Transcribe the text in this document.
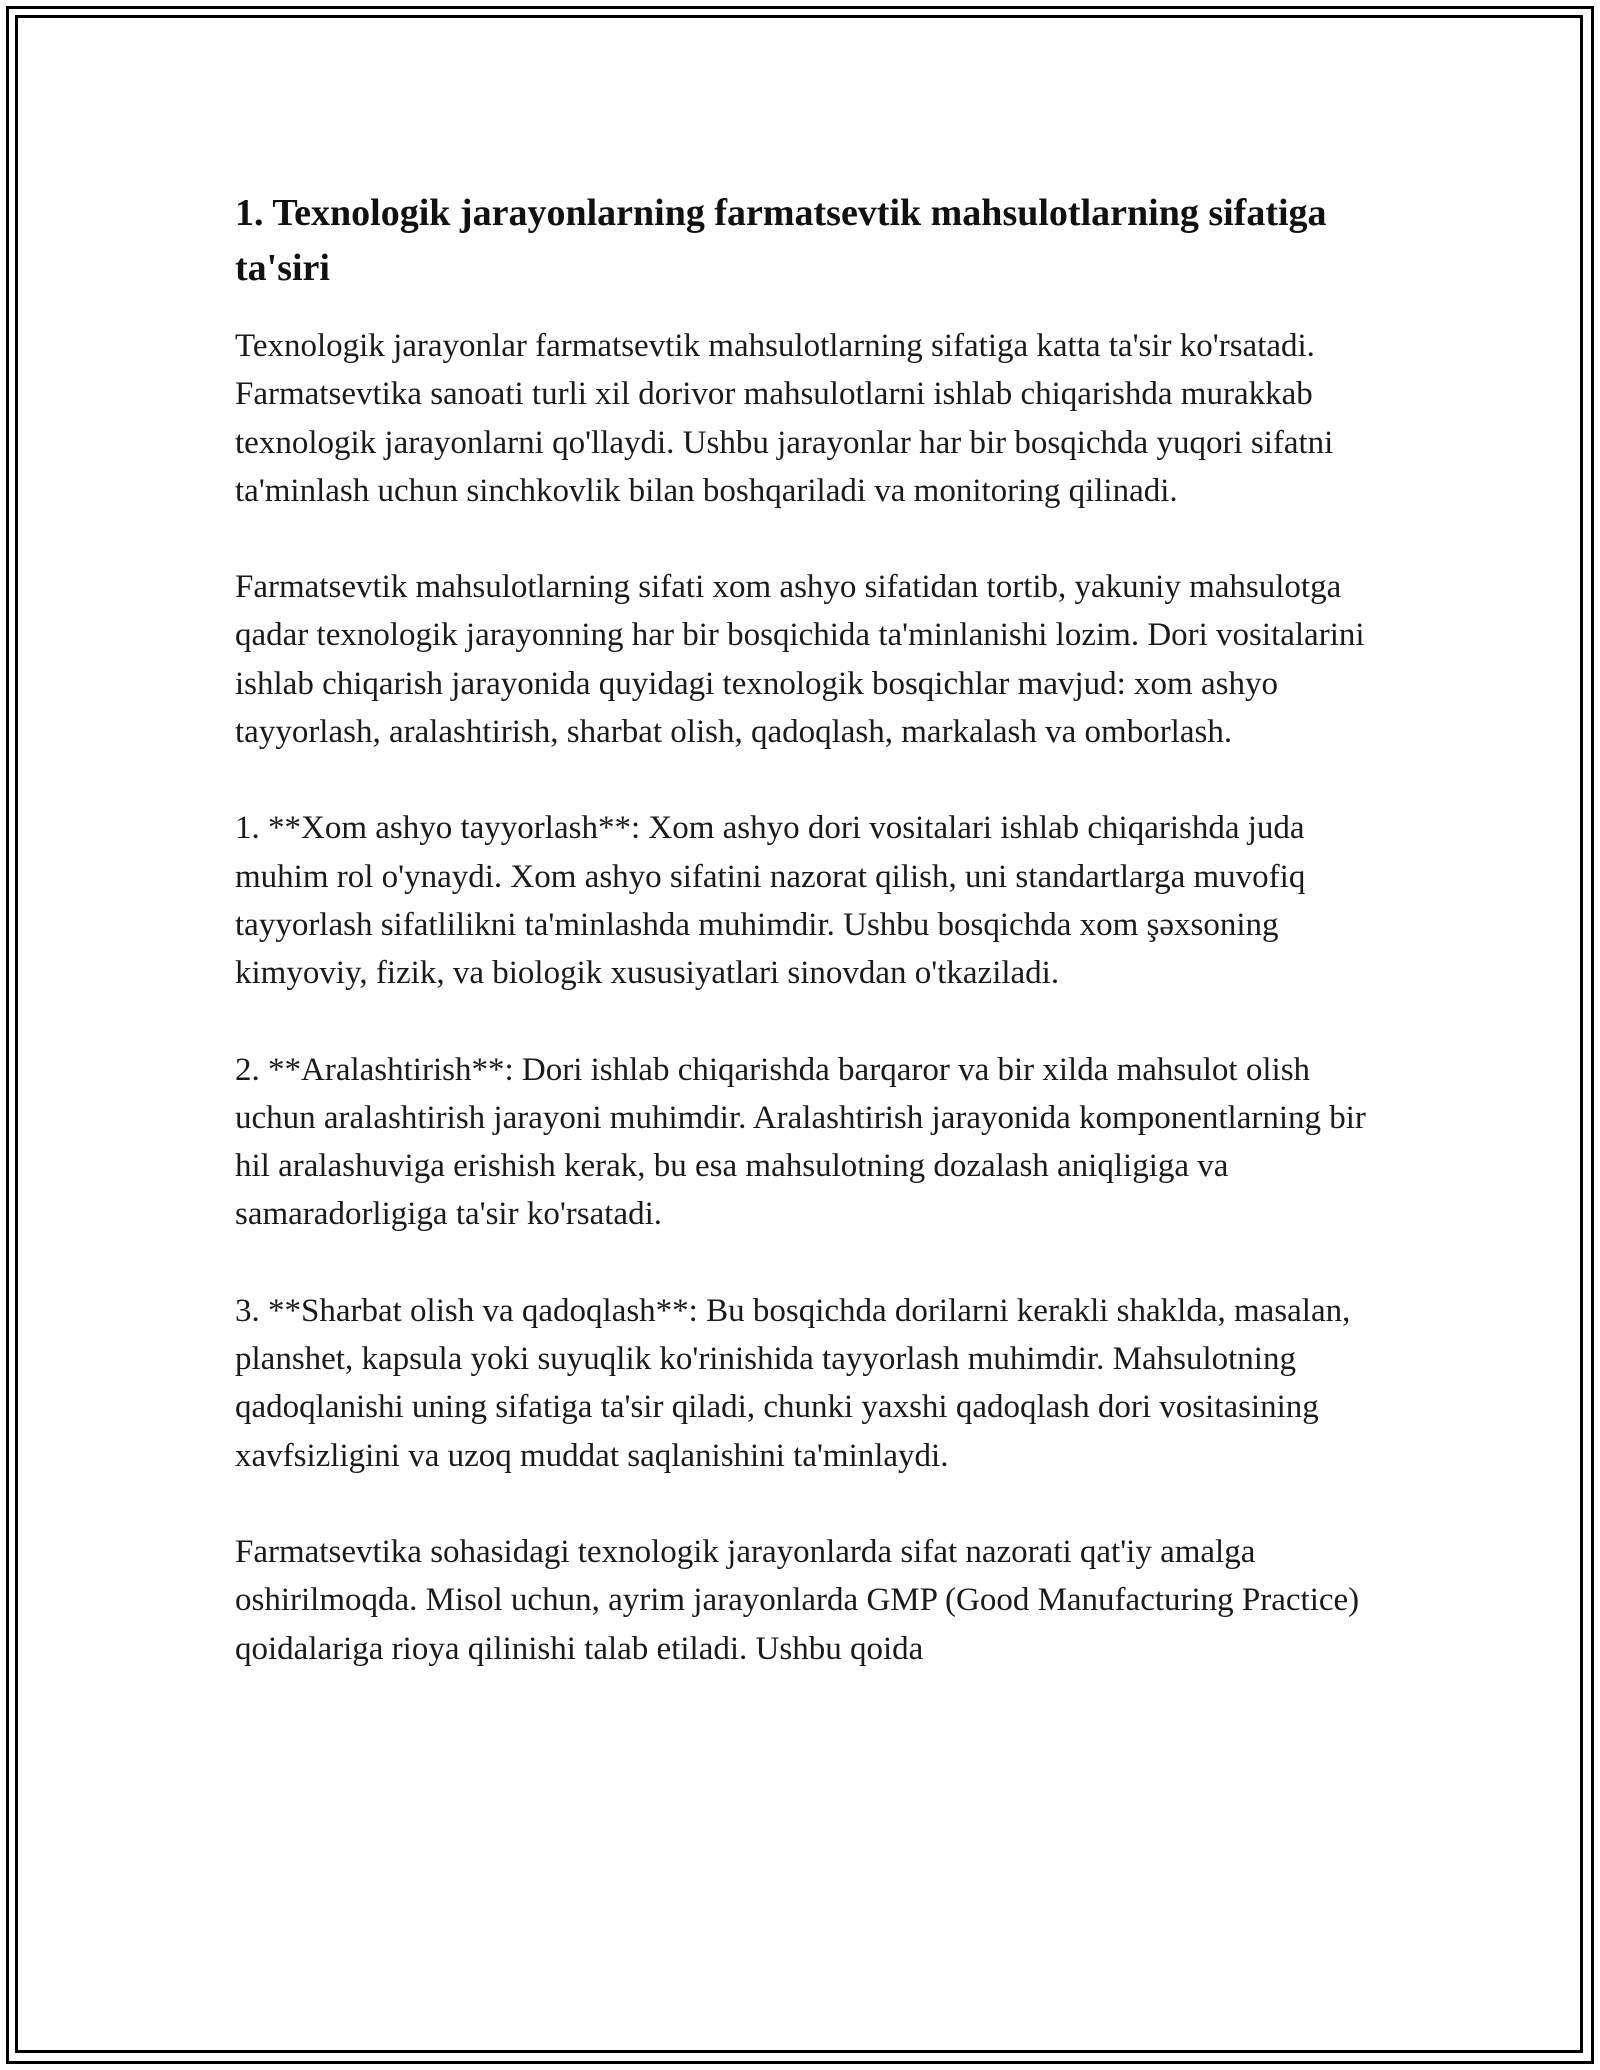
1. Texnologik jarayonlarning farmatsevtik mahsulotlarning sifatiga ta'siri

Texnologik jarayonlar farmatsevtik mahsulotlarning sifatiga katta ta'sir ko'rsatadi. Farmatsevtika sanoati turli xil dorivor mahsulotlarni ishlab chiqarishda murakkab texnologik jarayonlarni qo'llaydi. Ushbu jarayonlar har bir bosqichda yuqori sifatni ta'minlash uchun sinchkovlik bilan boshqariladi va monitoring qilinadi.

Farmatsevtik mahsulotlarning sifati xom ashyo sifatidan tortib, yakuniy mahsulotga qadar texnologik jarayonning har bir bosqichida ta'minlanishi lozim. Dori vositalarini ishlab chiqarish jarayonida quyidagi texnologik bosqichlar mavjud: xom ashyo tayyorlash, aralashtirish, sharbat olish, qadoqlash, markalash va omborlash.

1. **Xom ashyo tayyorlash**: Xom ashyo dori vositalari ishlab chiqarishda juda muhim rol o'ynaydi. Xom ashyo sifatini nazorat qilish, uni standartlarga muvofiq tayyorlash sifatlilikni ta'minlashda muhimdir. Ushbu bosqichda xom şəxsoning kimyoviy, fizik, va biologik xususiyatlari sinovdan o'tkaziladi.

2. **Aralashtirish**: Dori ishlab chiqarishda barqaror va bir xilda mahsulot olish uchun aralashtirish jarayoni muhimdir. Aralashtirish jarayonida komponentlarning bir hil aralashuviga erishish kerak, bu esa mahsulotning dozalash aniqligiga va samaradorligiga ta'sir ko'rsatadi.

3. **Sharbat olish va qadoqlash**: Bu bosqichda dorilarni kerakli shaklda, masalan, planshet, kapsula yoki suyuqlik ko'rinishida tayyorlash muhimdir. Mahsulotning qadoqlanishi uning sifatiga ta'sir qiladi, chunki yaxshi qadoqlash dori vositasining xavfsizligini va uzoq muddat saqlanishini ta'minlaydi.

Farmatsevtika sohasidagi texnologik jarayonlarda sifat nazorati qat'iy amalga oshirilmoqda. Misol uchun, ayrim jarayonlarda GMP (Good Manufacturing Practice) qoidalariga rioya qilinishi talab etiladi. Ushbu qoida
